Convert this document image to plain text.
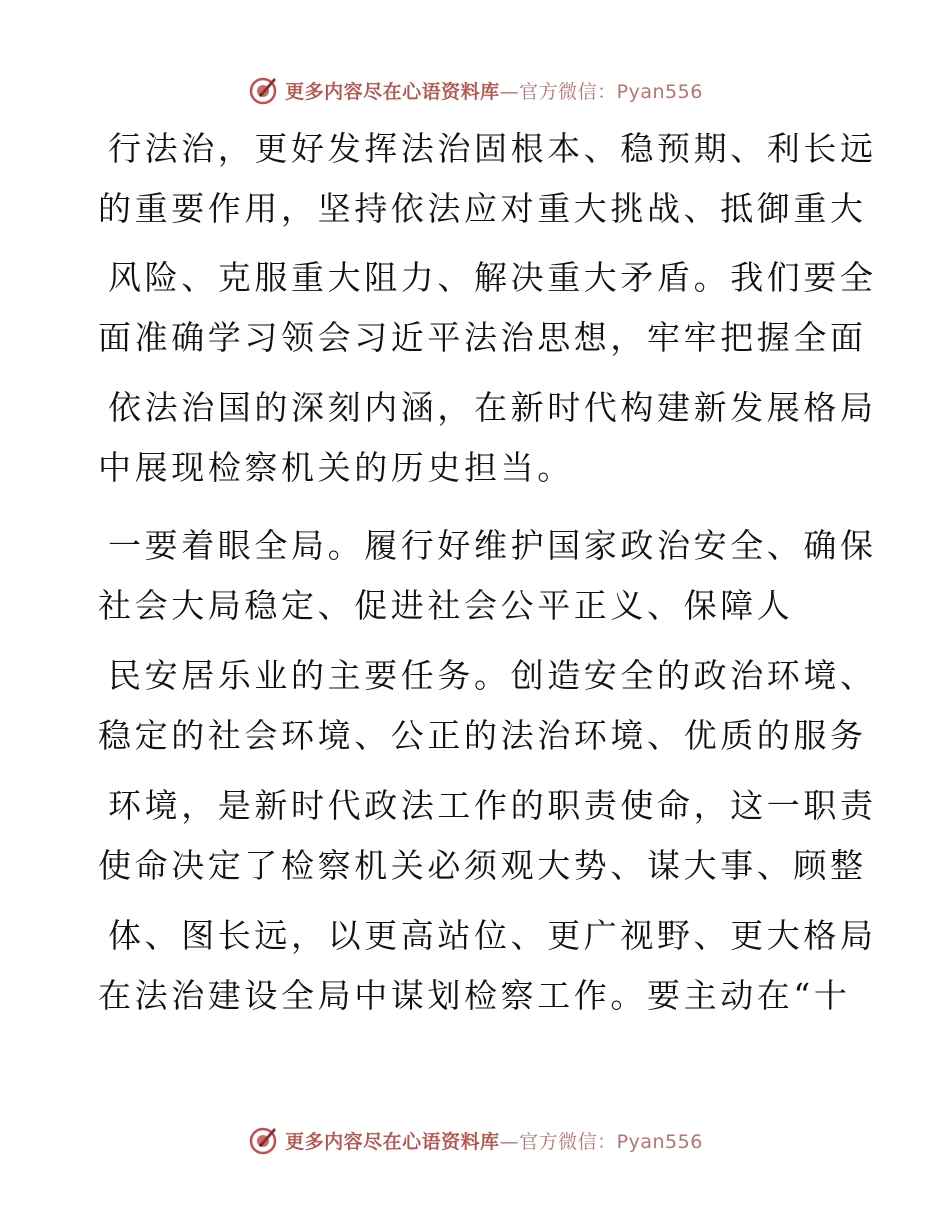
更多内容尽在心语资料库—官方微信：Pyan556
行法治，更好发挥法治固根本、稳预期、利长远
的重要作用，坚持依法应对重大挑战、抵御重大
风险、克服重大阻力、解决重大矛盾。我们要全
面准确学习领会习近平法治思想，牢牢把握全面
依法治国的深刻内涵，在新时代构建新发展格局
中展现检察机关的历史担当。
一要着眼全局。履行好维护国家政治安全、确保
社会大局稳定、促进社会公平正义、保障人
民安居乐业的主要任务。创造安全的政治环境、
稳定的社会环境、公正的法治环境、优质的服务
环境，是新时代政法工作的职责使命，这一职责
使命决定了检察机关必须观大势、谋大事、顾整
体、图长远，以更高站位、更广视野、更大格局
在法治建设全局中谋划检察工作。要主动在“十
更多内容尽在心语资料库—官方微信：Pyan556
